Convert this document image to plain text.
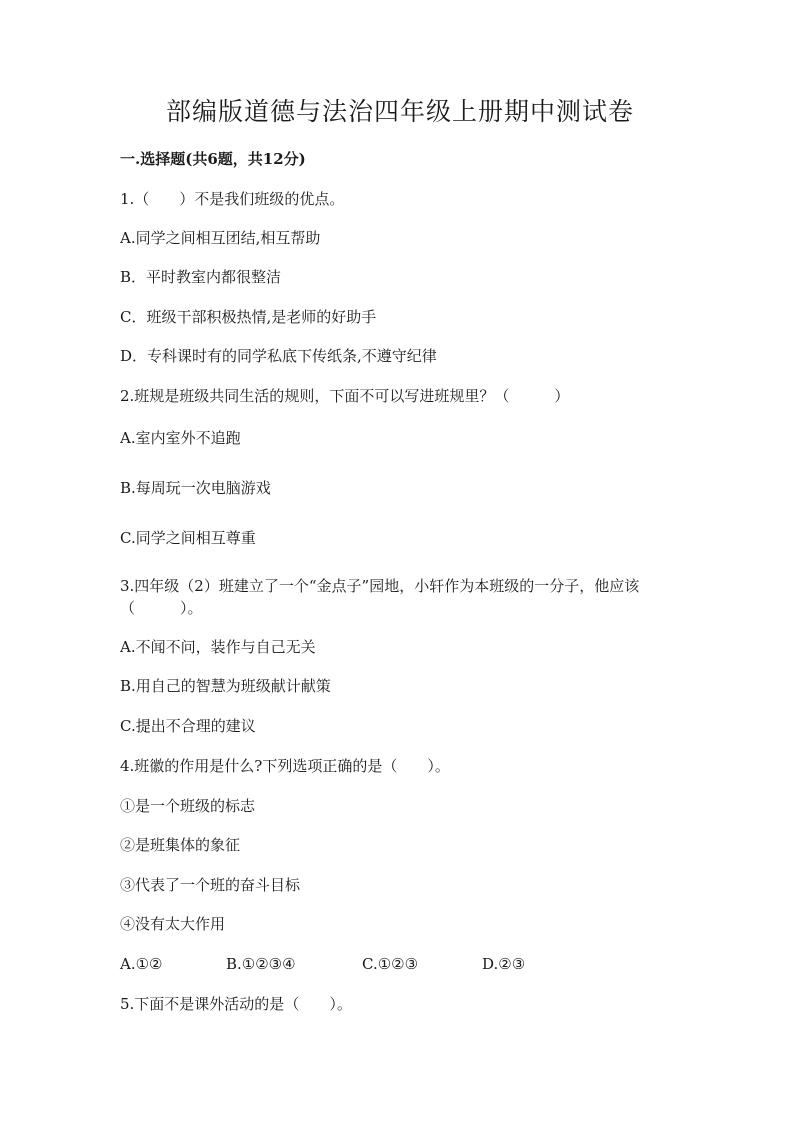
部编版道德与法治四年级上册期中测试卷
一.选择题(共6题，共12分)
1.（　　）不是我们班级的优点。
A.同学之间相互团结,相互帮助
B．平时教室内都很整洁
C．班级干部积极热情,是老师的好助手
D．专科课时有的同学私底下传纸条,不遵守纪律
2.班规是班级共同生活的规则，下面不可以写进班规里？（　　　）
A.室内室外不追跑
B.每周玩一次电脑游戏
C.同学之间相互尊重
3.四年级（2）班建立了一个“金点子”园地，小轩作为本班级的一分子，他应该（　　　）。
A.不闻不问，装作与自己无关
B.用自己的智慧为班级献计献策
C.提出不合理的建议
4.班徽的作用是什么?下列选项正确的是（　　）。
①是一个班级的标志
②是班集体的象征
③代表了一个班的奋斗目标
④没有太大作用
A.①②	B.①②③④	C.①②③	D.②③
5.下面不是课外活动的是（　　）。
